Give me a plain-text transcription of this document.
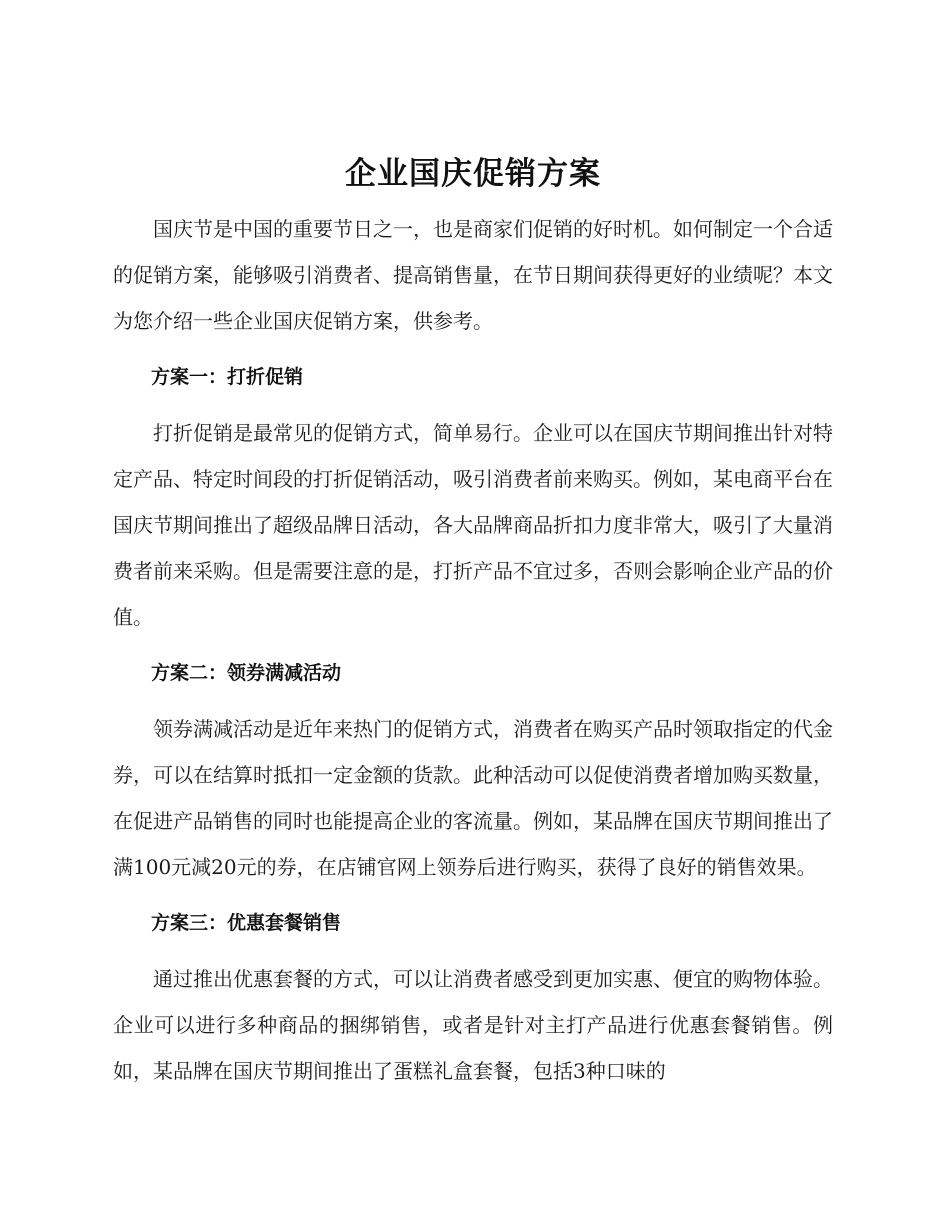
企业国庆促销方案

国庆节是中国的重要节日之一，也是商家们促销的好时机。如何制定一个合适的促销方案，能够吸引消费者、提高销售量，在节日期间获得更好的业绩呢？本文为您介绍一些企业国庆促销方案，供参考。

方案一：打折促销

打折促销是最常见的促销方式，简单易行。企业可以在国庆节期间推出针对特定产品、特定时间段的打折促销活动，吸引消费者前来购买。例如，某电商平台在国庆节期间推出了超级品牌日活动，各大品牌商品折扣力度非常大，吸引了大量消费者前来采购。但是需要注意的是，打折产品不宜过多，否则会影响企业产品的价值。

方案二：领券满减活动

领券满减活动是近年来热门的促销方式，消费者在购买产品时领取指定的代金券，可以在结算时抵扣一定金额的货款。此种活动可以促使消费者增加购买数量，在促进产品销售的同时也能提高企业的客流量。例如，某品牌在国庆节期间推出了满100元减20元的券，在店铺官网上领券后进行购买，获得了良好的销售效果。

方案三：优惠套餐销售

通过推出优惠套餐的方式，可以让消费者感受到更加实惠、便宜的购物体验。企业可以进行多种商品的捆绑销售，或者是针对主打产品进行优惠套餐销售。例如，某品牌在国庆节期间推出了蛋糕礼盒套餐，包括3种口味的
